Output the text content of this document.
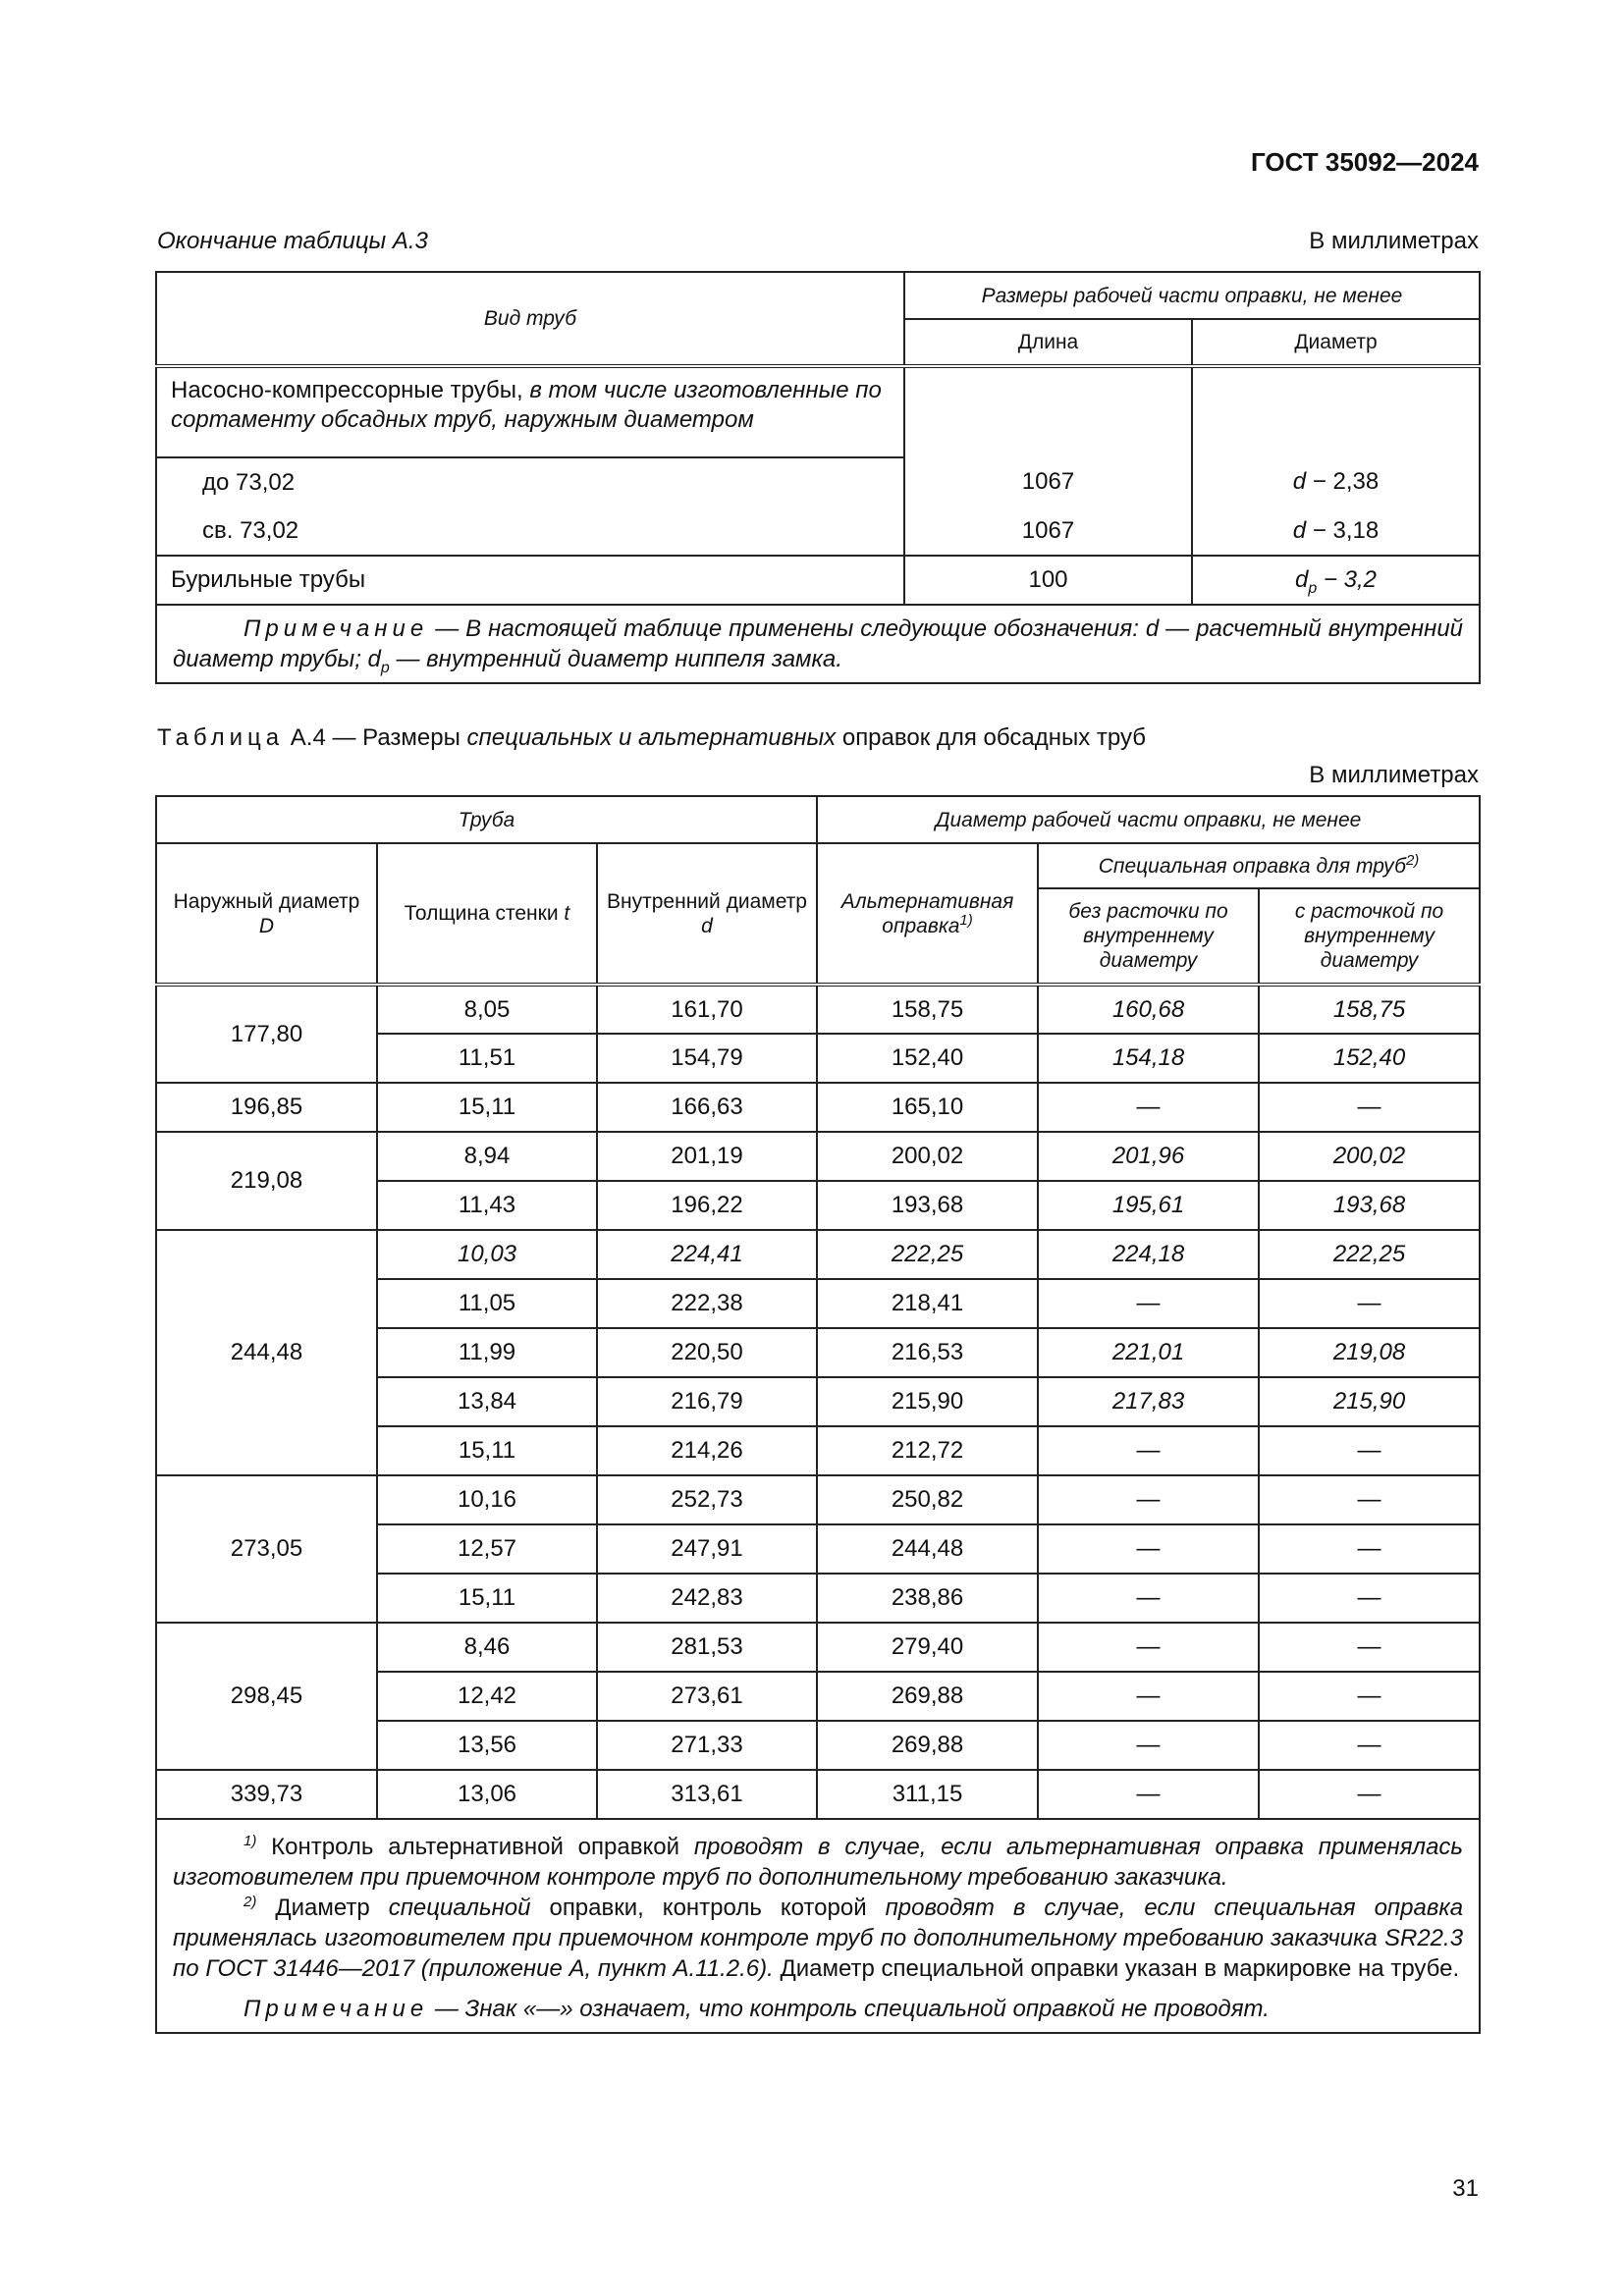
ГОСТ 35092—2024
Окончание таблицы А.3	В миллиметрах
Вид труб	Размеры рабочей части оправки, не менее	
	Длина	Диаметр
Насосно-компрессорные трубы, в том числе изготовленные по сортаменту обсадных труб, наружным диаметром		
до 73,02	1067	d − 2,38
св. 73,02	1067	d − 3,18
Бурильные трубы	100	$d_р - 3,2$

Примечание — В настоящей таблице применены следующие обозначения: d — расчетный внутренний диаметр трубы; $d_р$ — внутренний диаметр ниппеля замка.		

Таблица А.4 — Размеры специальных и альтернативных оправок для обсадных труб
В миллиметрах
Труба			Диаметр рабочей части оправки, не менее		
Наружный диаметр D	Толщина стенки t	Внутренний диаметр d	Альтернативная оправка$^{1)}$	Специальная оправка для труб$^{2)}$
				без расточки по внутреннему диаметру	с расточкой по внутреннему диаметру
177,80	8,05	161,70	158,75	160,68	158,75
	11,51	154,79	152,40	154,18	152,40
196,85	15,11	166,63	165,10	—	—
219,08	8,94	201,19	200,02	201,96	200,02
	11,43	196,22	193,68	195,61	193,68
244,48	10,03	224,41	222,25	224,18	222,25
	11,05	222,38	218,41	—	—
	11,99	220,50	216,53	221,01	219,08
	13,84	216,79	215,90	217,83	215,90
	15,11	214,26	212,72	—	—
273,05	10,16	252,73	250,82	—	—
	12,57	247,91	244,48	—	—
	15,11	242,83	238,86	—	—
298,45	8,46	281,53	279,40	—	—
	12,42	273,61	269,88	—	—
	13,56	271,33	269,88	—	—
339,73	13,06	313,61	311,15	—	—

$^{1)}$ Контроль альтернативной оправкой проводят в случае, если альтернативная оправка применялась изготовителем при приемочном контроле труб по дополнительному требованию заказчика.

$^{2)}$ Диаметр специальной оправки, контроль которой проводят в случае, если специальная оправка применялась изготовителем при приемочном контроле труб по дополнительному требованию заказчика SR22.3 по ГОСТ 31446—2017 (приложение А, пункт А.11.2.6). Диаметр специальной оправки указан в маркировке на трубе.

Примечание — Знак «—» означает, что контроль специальной оправкой не проводят.					

31
